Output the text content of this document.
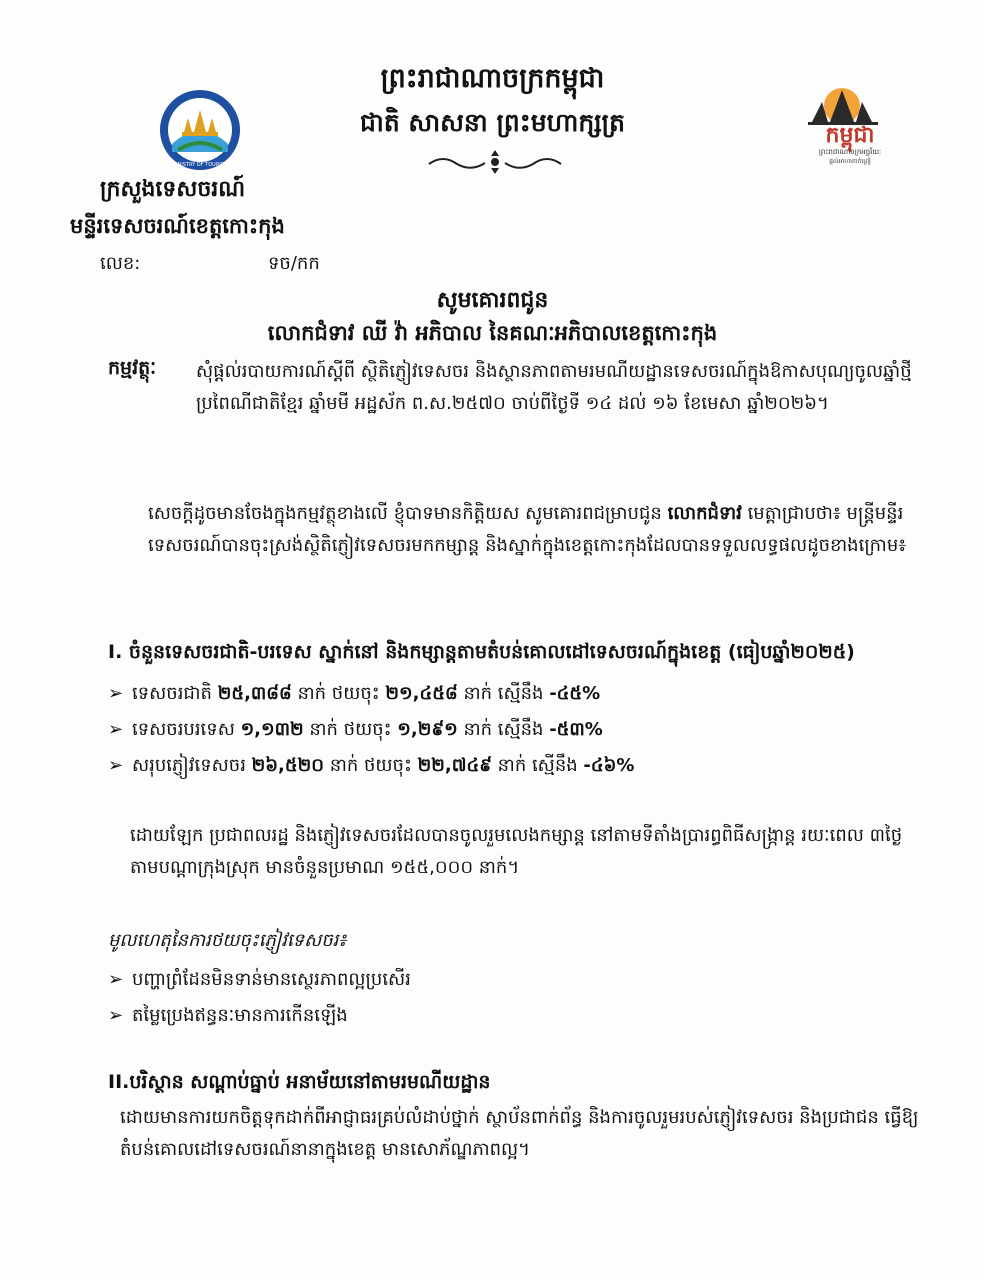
MINISTRY OF TOURISM
កម្ពុជា
ព្រះរាជាណាចក្រអច្ឆរិយៈ
ផ្តល់អាហាកាក់ព្រៀ
ព្រះរាជាណាចក្រកម្ពុជា
ជាតិ សាសនា ព្រះមហាក្សត្រ
ក្រសួងទេសចរណ៍
មន្ទីរទេសចរណ៍ខេត្តកោះកុង
លេខ:	ទច/កក
សូមគោរពជូន
លោកជំទាវ ឈី វ៉ា អភិបាល នៃគណៈអភិបាលខេត្តកោះកុង
កម្មវត្ថុៈ សុំផ្តល់របាយការណ៍ស្តីពី ស្ថិតិភ្ញៀវទេសចរ និងស្ថានភាពតាមរមណីយដ្ឋានទេសចរណ៍ក្នុងឱកាសបុណ្យចូលឆ្នាំថ្មីប្រពៃណីជាតិខ្មែរ ឆ្នាំមមី អដ្ឋស័ក ព.ស.២៥៧០ ចាប់ពីថ្ងៃទី ១៤ ដល់ ១៦ ខែមេសា ឆ្នាំ២០២៦។
សេចក្តីដូចមានចែងក្នុងកម្មវត្ថុខាងលើ ខ្ញុំបាទមានកិត្តិយស សូមគោរពជម្រាបជូន លោកជំទាវ មេត្តាជ្រាបថា៖ មន្ត្រីមន្ទីរទេសចរណ៍បានចុះស្រង់ស្ថិតិភ្ញៀវទេសចរមកកម្សាន្ត និងស្នាក់ក្នុងខេត្តកោះកុងដែលបានទទួលលទ្ធផលដូចខាងក្រោម៖
I. ចំនួនទេសចរជាតិ-បរទេស ស្នាក់នៅ និងកម្សាន្តតាមតំបន់គោលដៅទេសចរណ៍ក្នុងខេត្ត (ធៀបឆ្នាំ២០២៥)
➢ ទេសចរជាតិ ២៥,៣៨៨ នាក់ ថយចុះ ២១,៤៥៨ នាក់ ស្មើនឹង -៤៥%
➢ ទេសចរបរទេស ១,១៣២ នាក់ ថយចុះ ១,២៩១ នាក់ ស្មើនឹង -៥៣%
➢ សរុបភ្ញៀវទេសចរ ២៦,៥២០ នាក់ ថយចុះ ២២,៧៤៩ នាក់ ស្មើនឹង -៤៦%
ដោយឡែក ប្រជាពលរដ្ឋ និងភ្ញៀវទេសចរដែលបានចូលរួមលេងកម្សាន្ត នៅតាមទីតាំងប្រារព្ធពិធីសង្ក្រាន្ត រយៈពេល ៣ថ្ងៃ តាមបណ្តាក្រុងស្រុក មានចំនួនប្រមាណ ១៥៥,០០០ នាក់។
មូលហេតុនៃការថយចុះភ្ញៀវទេសចរ៖
➢ បញ្ហាព្រំដែនមិនទាន់មានស្ថេរភាពល្អប្រសើរ
➢ តម្លៃប្រេងឥន្ធនៈមានការកើនឡើង
II.បរិស្ថាន សណ្តាប់ធ្នាប់ អនាម័យនៅតាមរមណីយដ្ឋាន
ដោយមានការយកចិត្តទុកដាក់ពីអាជ្ញាធរគ្រប់លំដាប់ថ្នាក់ ស្ថាប័នពាក់ព័ន្ធ និងការចូលរួមរបស់ភ្ញៀវទេសចរ និងប្រជាជន ធ្វើឱ្យតំបន់គោលដៅទេសចរណ៍នានាក្នុងខេត្ត មានសោភ័ណ្ឌភាពល្អ។
